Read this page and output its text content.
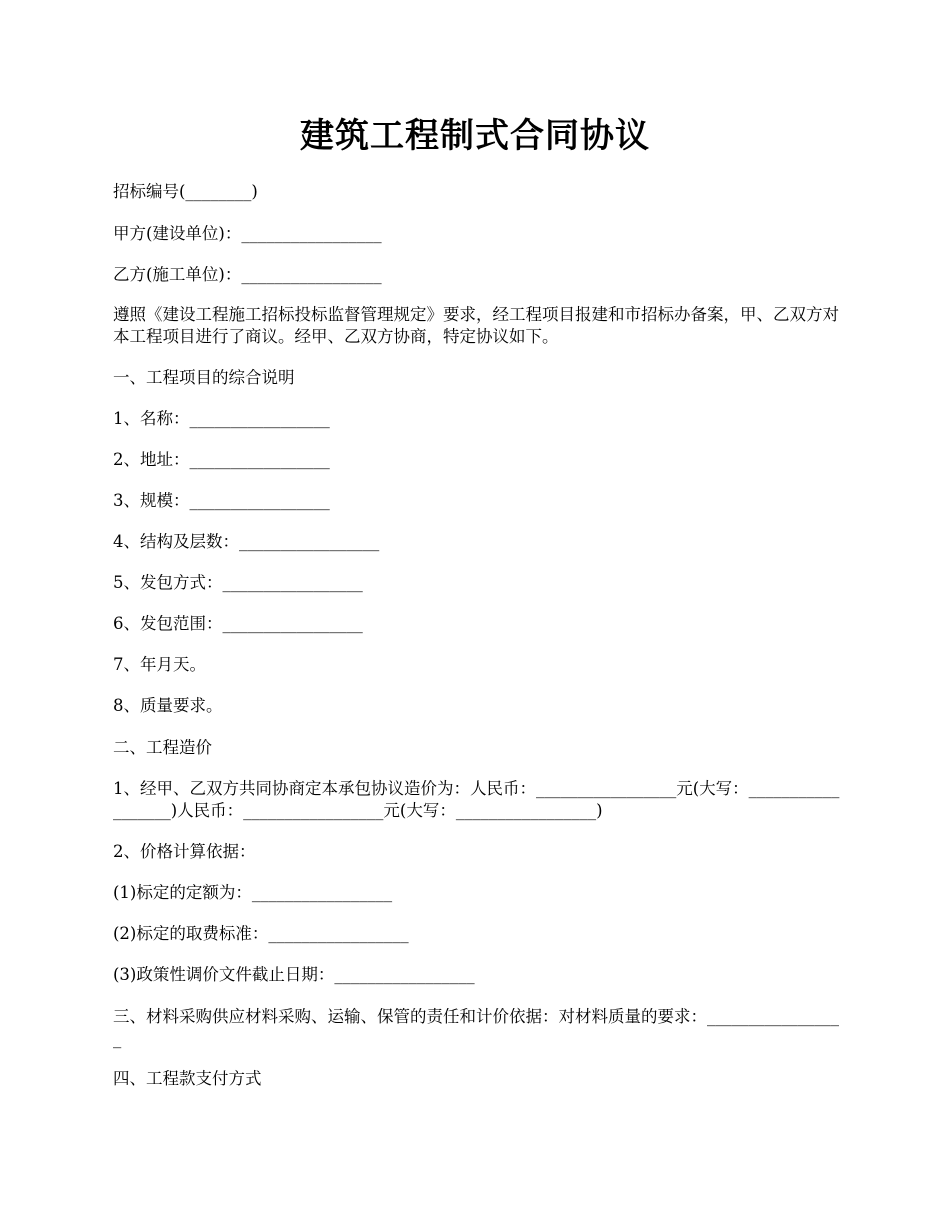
建筑工程制式合同协议
招标编号(________)
甲方(建设单位)：_________________
乙方(施工单位)：_________________
遵照《建设工程施工招标投标监督管理规定》要求，经工程项目报建和市招标办备案，甲、乙双方对本工程项目进行了商议。经甲、乙双方协商，特定协议如下。
一、工程项目的综合说明
1、名称：_________________
2、地址：_________________
3、规模：_________________
4、结构及层数：_________________
5、发包方式：_________________
6、发包范围：_________________
7、年月天。
8、质量要求。
二、工程造价
1、经甲、乙双方共同协商定本承包协议造价为：人民币：_________________元(大写：__________________)人民币：_________________元(大写：_________________)
2、价格计算依据：
(1)标定的定额为：_________________
(2)标定的取费标准：_________________
(3)政策性调价文件截止日期：_________________
三、材料采购供应材料采购、运输、保管的责任和计价依据：对材料质量的要求：_________________
四、工程款支付方式
